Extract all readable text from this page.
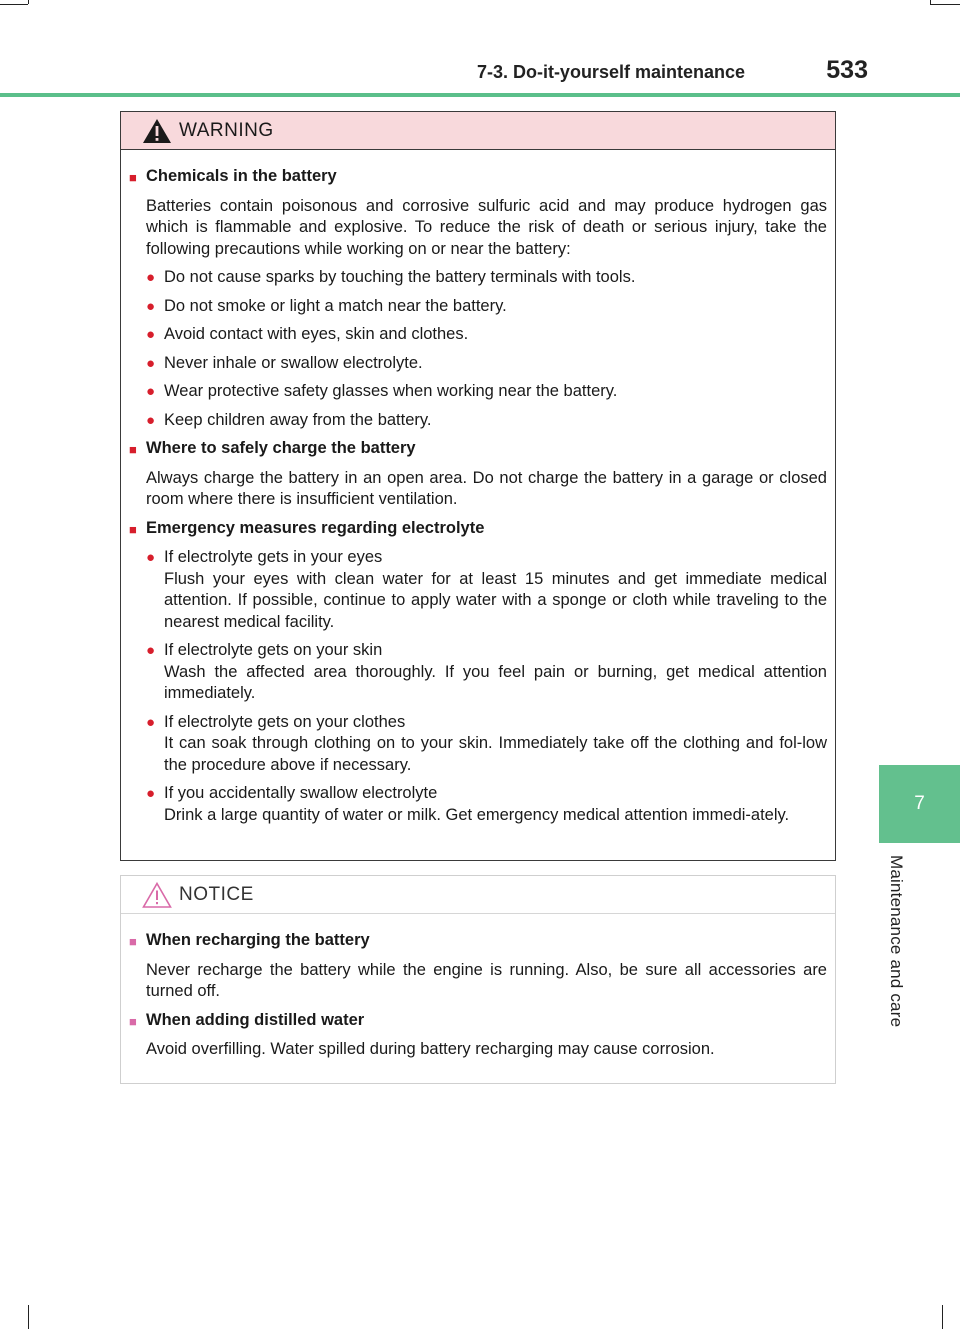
7-3. Do-it-yourself maintenance	533
7
Maintenance and care
WARNING
■ Chemicals in the battery
Batteries contain poisonous and corrosive sulfuric acid and may produce hydrogen gas which is flammable and explosive. To reduce the risk of death or serious injury, take the following precautions while working on or near the battery:
● Do not cause sparks by touching the battery terminals with tools.
● Do not smoke or light a match near the battery.
● Avoid contact with eyes, skin and clothes.
● Never inhale or swallow electrolyte.
● Wear protective safety glasses when working near the battery.
● Keep children away from the battery.
■ Where to safely charge the battery
Always charge the battery in an open area. Do not charge the battery in a garage or closed room where there is insufficient ventilation.
■ Emergency measures regarding electrolyte
● If electrolyte gets in your eyes
Flush your eyes with clean water for at least 15 minutes and get immediate medical attention. If possible, continue to apply water with a sponge or cloth while traveling to the nearest medical facility.
● If electrolyte gets on your skin
Wash the affected area thoroughly. If you feel pain or burning, get medical attention immediately.
● If electrolyte gets on your clothes
It can soak through clothing on to your skin. Immediately take off the clothing and fol-low the procedure above if necessary.
● If you accidentally swallow electrolyte
Drink a large quantity of water or milk. Get emergency medical attention immedi-ately.
NOTICE
■ When recharging the battery
Never recharge the battery while the engine is running. Also, be sure all accessories are turned off.
■ When adding distilled water
Avoid overfilling. Water spilled during battery recharging may cause corrosion.
